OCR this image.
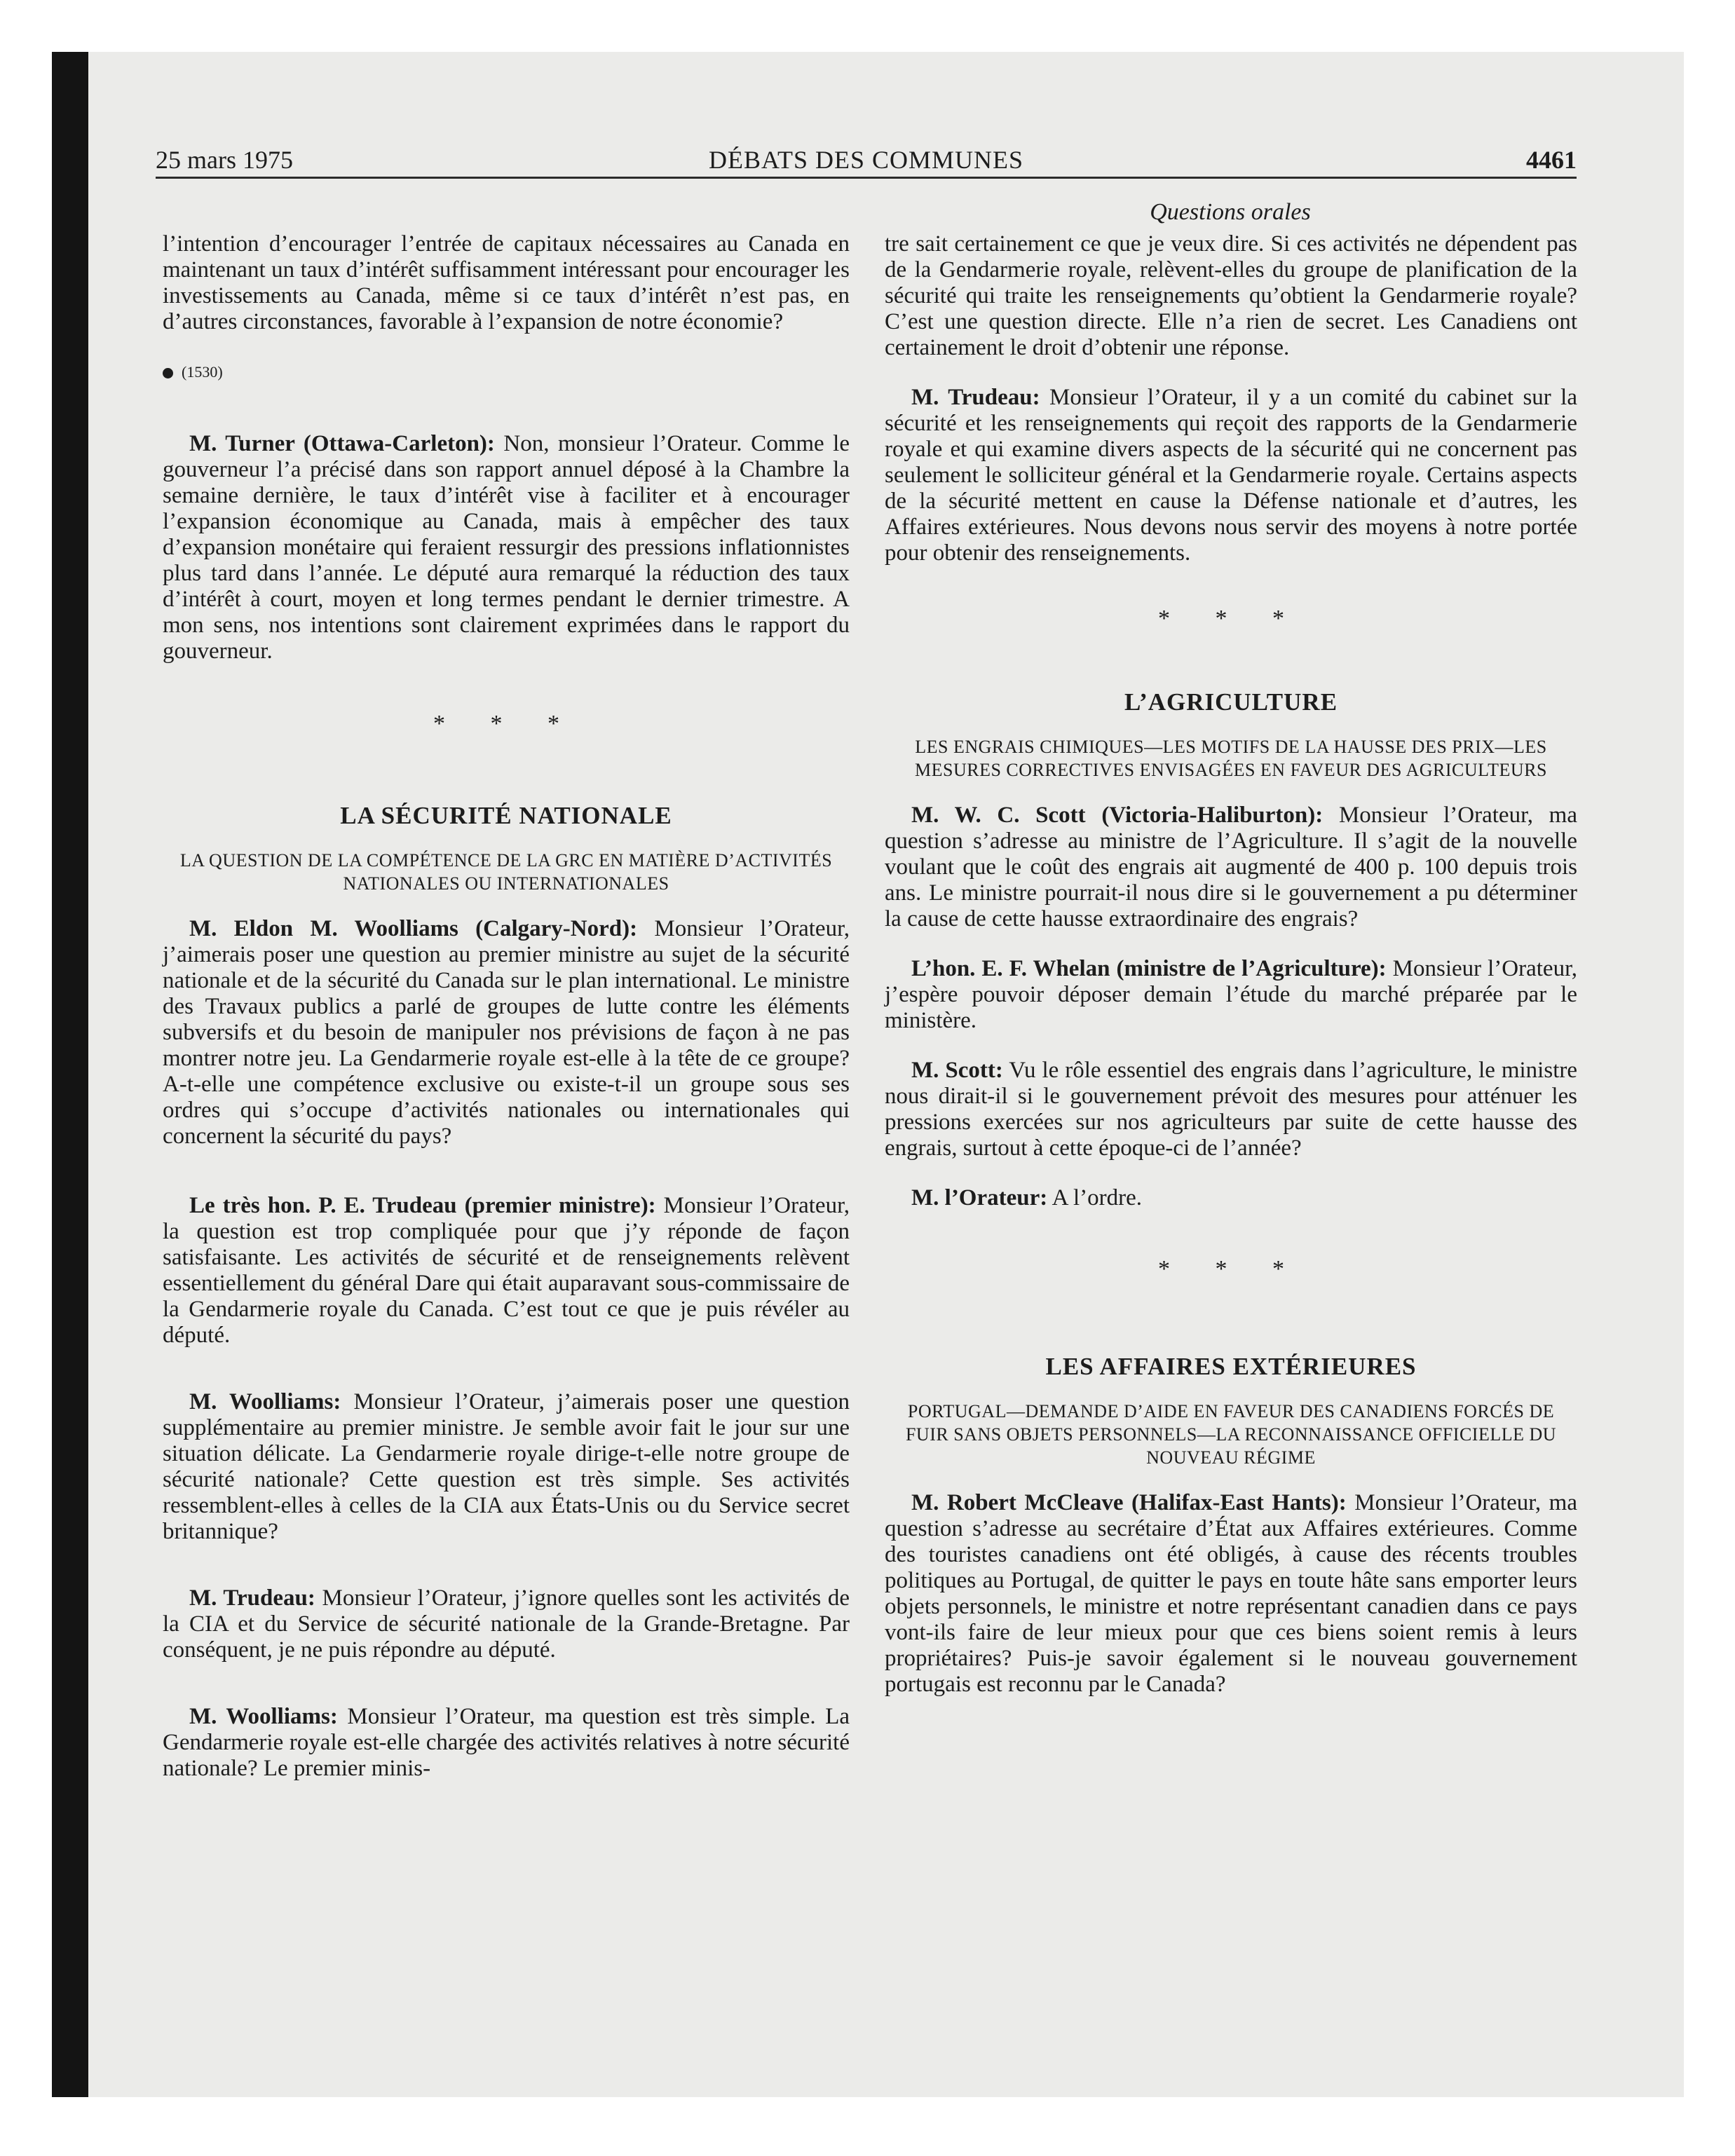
25 mars 1975	DÉBATS DES COMMUNES	4461
Questions orales

l’intention d’encourager l’entrée de capitaux nécessaires au Canada en maintenant un taux d’intérêt suffisamment intéressant pour encourager les investissements au Canada, même si ce taux d’intérêt n’est pas, en d’autres circonstances, favorable à l’expansion de notre économie?

(1530)

M. Turner (Ottawa-Carleton): Non, monsieur l’Orateur. Comme le gouverneur l’a précisé dans son rapport annuel déposé à la Chambre la semaine dernière, le taux d’intérêt vise à faciliter et à encourager l’expansion économique au Canada, mais à empêcher des taux d’expansion monétaire qui feraient ressurgir des pressions inflationnistes plus tard dans l’année. Le député aura remarqué la réduction des taux d’intérêt à court, moyen et long termes pendant le dernier trimestre. A mon sens, nos intentions sont clairement exprimées dans le rapport du gouverneur.

* * *
LA SÉCURITÉ NATIONALE
LA QUESTION DE LA COMPÉTENCE DE LA GRC EN MATIÈRE D’ACTIVITÉS NATIONALES OU INTERNATIONALES

M. Eldon M. Woolliams (Calgary-Nord): Monsieur l’Orateur, j’aimerais poser une question au premier ministre au sujet de la sécurité nationale et de la sécurité du Canada sur le plan international. Le ministre des Travaux publics a parlé de groupes de lutte contre les éléments subversifs et du besoin de manipuler nos prévisions de façon à ne pas montrer notre jeu. La Gendarmerie royale est-elle à la tête de ce groupe? A-t-elle une compétence exclusive ou existe-t-il un groupe sous ses ordres qui s’occupe d’activités nationales ou internationales qui concernent la sécurité du pays?

Le très hon. P. E. Trudeau (premier ministre): Monsieur l’Orateur, la question est trop compliquée pour que j’y réponde de façon satisfaisante. Les activités de sécurité et de renseignements relèvent essentiellement du général Dare qui était auparavant sous-commissaire de la Gendarmerie royale du Canada. C’est tout ce que je puis révéler au député.

M. Woolliams: Monsieur l’Orateur, j’aimerais poser une question supplémentaire au premier ministre. Je semble avoir fait le jour sur une situation délicate. La Gendarmerie royale dirige-t-elle notre groupe de sécurité nationale? Cette question est très simple. Ses activités ressemblent-elles à celles de la CIA aux États-Unis ou du Service secret britannique?

M. Trudeau: Monsieur l’Orateur, j’ignore quelles sont les activités de la CIA et du Service de sécurité nationale de la Grande-Bretagne. Par conséquent, je ne puis répondre au député.

M. Woolliams: Monsieur l’Orateur, ma question est très simple. La Gendarmerie royale est-elle chargée des activités relatives à notre sécurité nationale? Le premier minis-

tre sait certainement ce que je veux dire. Si ces activités ne dépendent pas de la Gendarmerie royale, relèvent-elles du groupe de planification de la sécurité qui traite les renseignements qu’obtient la Gendarmerie royale? C’est une question directe. Elle n’a rien de secret. Les Canadiens ont certainement le droit d’obtenir une réponse.

M. Trudeau: Monsieur l’Orateur, il y a un comité du cabinet sur la sécurité et les renseignements qui reçoit des rapports de la Gendarmerie royale et qui examine divers aspects de la sécurité qui ne concernent pas seulement le solliciteur général et la Gendarmerie royale. Certains aspects de la sécurité mettent en cause la Défense nationale et d’autres, les Affaires extérieures. Nous devons nous servir des moyens à notre portée pour obtenir des renseignements.

* * *
L’AGRICULTURE
LES ENGRAIS CHIMIQUES—LES MOTIFS DE LA HAUSSE DES PRIX—LES MESURES CORRECTIVES ENVISAGÉES EN FAVEUR DES AGRICULTEURS

M. W. C. Scott (Victoria-Haliburton): Monsieur l’Orateur, ma question s’adresse au ministre de l’Agriculture. Il s’agit de la nouvelle voulant que le coût des engrais ait augmenté de 400 p. 100 depuis trois ans. Le ministre pourrait-il nous dire si le gouvernement a pu déterminer la cause de cette hausse extraordinaire des engrais?

L’hon. E. F. Whelan (ministre de l’Agriculture): Monsieur l’Orateur, j’espère pouvoir déposer demain l’étude du marché préparée par le ministère.

M. Scott: Vu le rôle essentiel des engrais dans l’agriculture, le ministre nous dirait-il si le gouvernement prévoit des mesures pour atténuer les pressions exercées sur nos agriculteurs par suite de cette hausse des engrais, surtout à cette époque-ci de l’année?

M. l’Orateur: A l’ordre.

* * *
LES AFFAIRES EXTÉRIEURES
PORTUGAL—DEMANDE D’AIDE EN FAVEUR DES CANADIENS FORCÉS DE FUIR SANS OBJETS PERSONNELS—LA RECONNAISSANCE OFFICIELLE DU NOUVEAU RÉGIME

M. Robert McCleave (Halifax-East Hants): Monsieur l’Orateur, ma question s’adresse au secrétaire d’État aux Affaires extérieures. Comme des touristes canadiens ont été obligés, à cause des récents troubles politiques au Portugal, de quitter le pays en toute hâte sans emporter leurs objets personnels, le ministre et notre représentant canadien dans ce pays vont-ils faire de leur mieux pour que ces biens soient remis à leurs propriétaires? Puis-je savoir également si le nouveau gouvernement portugais est reconnu par le Canada?
